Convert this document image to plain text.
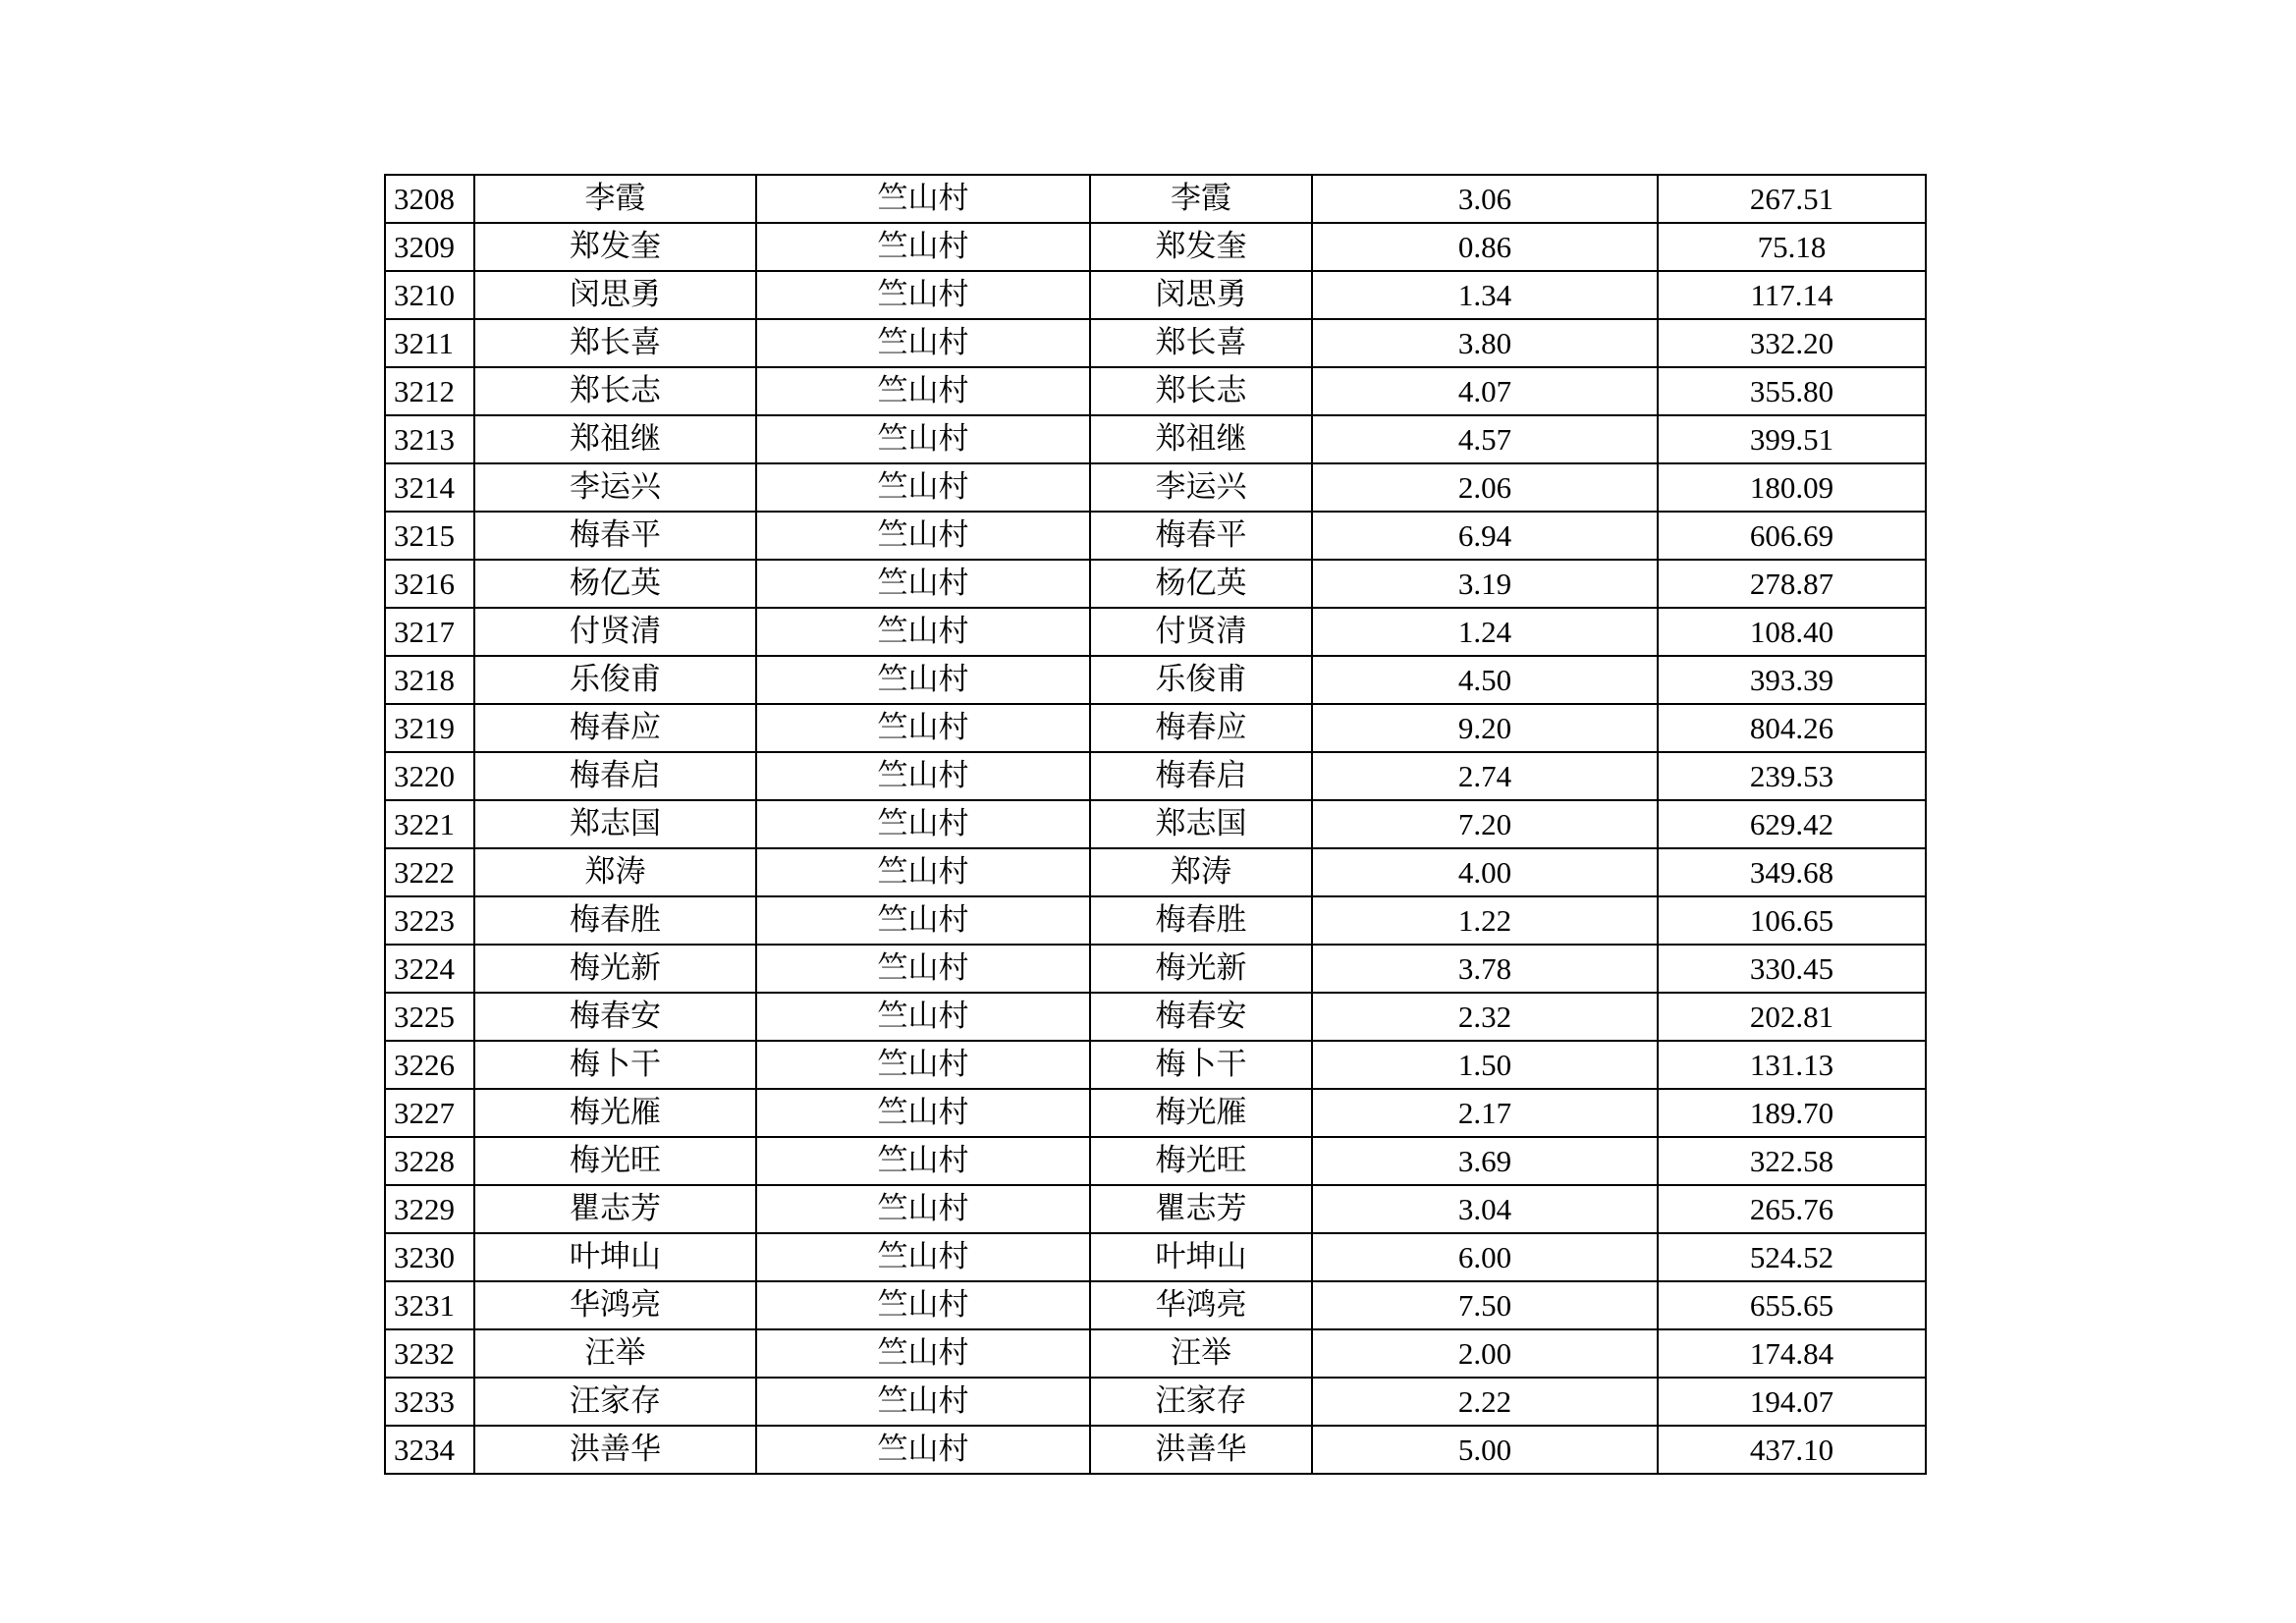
3208	李霞	竺山村	李霞	3.06	267.51
3209	郑发奎	竺山村	郑发奎	0.86	75.18
3210	闵思勇	竺山村	闵思勇	1.34	117.14
3211	郑长喜	竺山村	郑长喜	3.80	332.20
3212	郑长志	竺山村	郑长志	4.07	355.80
3213	郑祖继	竺山村	郑祖继	4.57	399.51
3214	李运兴	竺山村	李运兴	2.06	180.09
3215	梅春平	竺山村	梅春平	6.94	606.69
3216	杨亿英	竺山村	杨亿英	3.19	278.87
3217	付贤清	竺山村	付贤清	1.24	108.40
3218	乐俊甫	竺山村	乐俊甫	4.50	393.39
3219	梅春应	竺山村	梅春应	9.20	804.26
3220	梅春启	竺山村	梅春启	2.74	239.53
3221	郑志国	竺山村	郑志国	7.20	629.42
3222	郑涛	竺山村	郑涛	4.00	349.68
3223	梅春胜	竺山村	梅春胜	1.22	106.65
3224	梅光新	竺山村	梅光新	3.78	330.45
3225	梅春安	竺山村	梅春安	2.32	202.81
3226	梅卜干	竺山村	梅卜干	1.50	131.13
3227	梅光雁	竺山村	梅光雁	2.17	189.70
3228	梅光旺	竺山村	梅光旺	3.69	322.58
3229	瞿志芳	竺山村	瞿志芳	3.04	265.76
3230	叶坤山	竺山村	叶坤山	6.00	524.52
3231	华鸿亮	竺山村	华鸿亮	7.50	655.65
3232	汪举	竺山村	汪举	2.00	174.84
3233	汪家存	竺山村	汪家存	2.22	194.07
3234	洪善华	竺山村	洪善华	5.00	437.10
